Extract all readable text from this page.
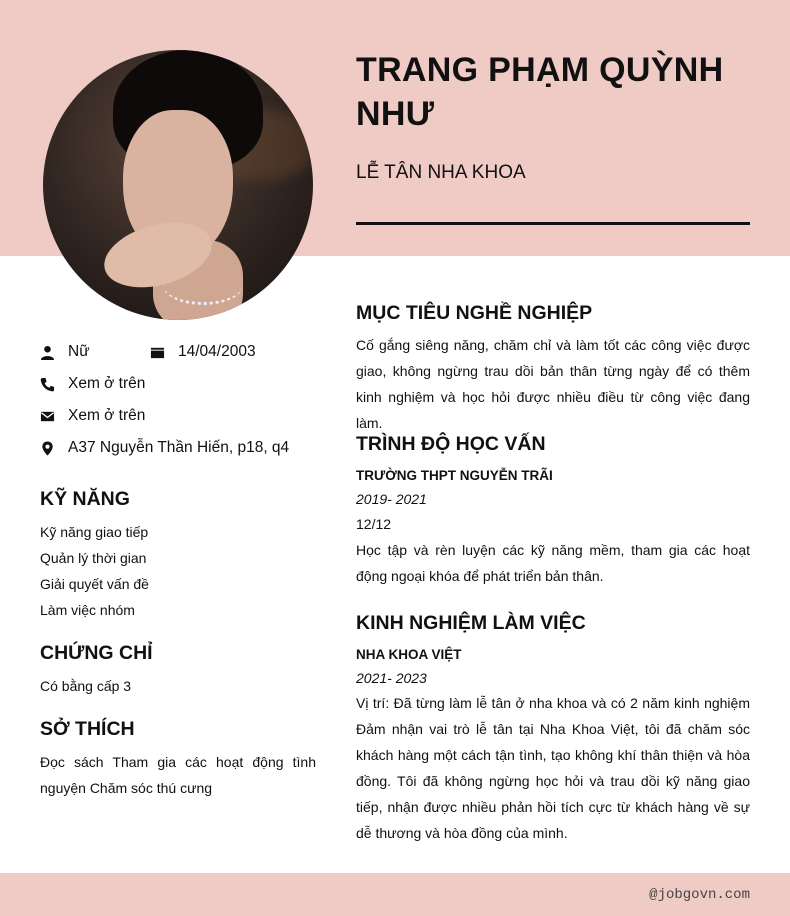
TRANG PHẠM QUỲNH NHƯ
LỄ TÂN NHA KHOA
Nữ	14/04/2003
Xem ở trên
Xem ở trên
A37 Nguyễn Thần Hiến, p18, q4
KỸ NĂNG
Kỹ năng giao tiếp
Quản lý thời gian
Giải quyết vấn đề
Làm việc nhóm
CHỨNG CHỈ
Có bằng cấp 3
SỞ THÍCH
Đọc sách Tham gia các hoạt động tình nguyện Chăm sóc thú cưng
MỤC TIÊU NGHỀ NGHIỆP
Cố gắng siêng năng, chăm chỉ và làm tốt các công việc được giao, không ngừng trau dồi bản thân từng ngày để có thêm kinh nghiệm và học hỏi được nhiều điều từ công việc đang làm.
TRÌNH ĐỘ HỌC VẤN
TRƯỜNG THPT NGUYỄN TRÃI
2019- 2021
12/12
Học tập và rèn luyện các kỹ năng mềm, tham gia các hoạt động ngoại khóa để phát triển bản thân.
KINH NGHIỆM LÀM VIỆC
NHA KHOA VIỆT
2021- 2023
Vị trí: Đã từng làm lễ tân ở nha khoa và có 2 năm kinh nghiệm Đảm nhận vai trò lễ tân tại Nha Khoa Việt, tôi đã chăm sóc khách hàng một cách tận tình, tạo không khí thân thiện và hòa đồng. Tôi đã không ngừng học hỏi và trau dồi kỹ năng giao tiếp, nhận được nhiều phản hồi tích cực từ khách hàng về sự dễ thương và hòa đồng của mình.
@jobgovn.com
